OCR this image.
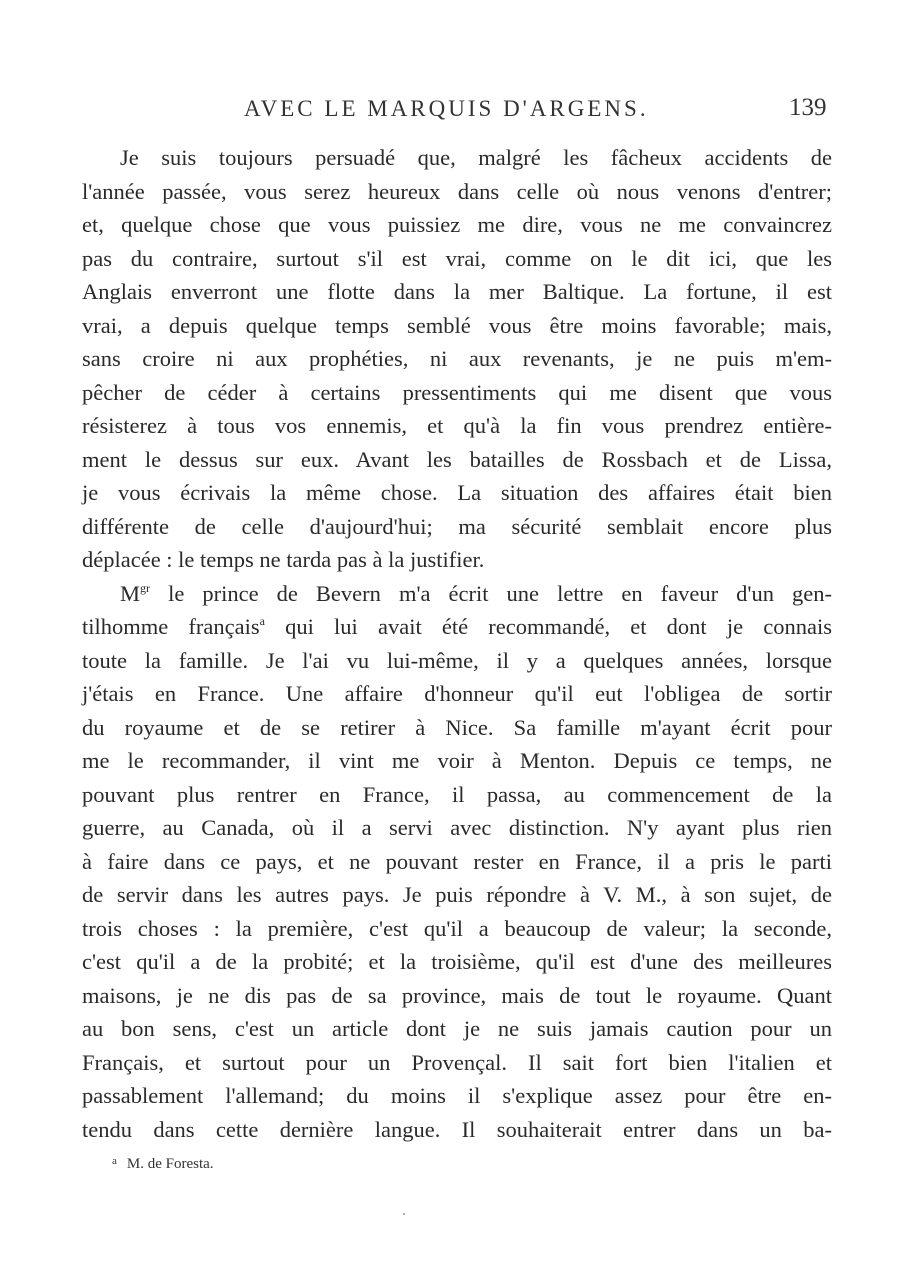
AVEC LE MARQUIS D'ARGENS.	139
Je suis toujours persuadé que, malgré les fâcheux accidents de
l'année passée, vous serez heureux dans celle où nous venons d'entrer;
et, quelque chose que vous puissiez me dire, vous ne me convaincrez
pas du contraire, surtout s'il est vrai, comme on le dit ici, que les
Anglais enverront une flotte dans la mer Baltique. La fortune, il est
vrai, a depuis quelque temps semblé vous être moins favorable; mais,
sans croire ni aux prophéties, ni aux revenants, je ne puis m'em-
pêcher de céder à certains pressentiments qui me disent que vous
résisterez à tous vos ennemis, et qu'à la fin vous prendrez entière-
ment le dessus sur eux. Avant les batailles de Rossbach et de Lissa,
je vous écrivais la même chose. La situation des affaires était bien
différente de celle d'aujourd'hui; ma sécurité semblait encore plus
déplacée : le temps ne tarda pas à la justifier.
$M^{gr}$ le prince de Bevern m'a écrit une lettre en faveur d'un gen-
tilhomme français$^a$ qui lui avait été recommandé, et dont je connais
toute la famille. Je l'ai vu lui-même, il y a quelques années, lorsque
j'étais en France. Une affaire d'honneur qu'il eut l'obligea de sortir
du royaume et de se retirer à Nice. Sa famille m'ayant écrit pour
me le recommander, il vint me voir à Menton. Depuis ce temps, ne
pouvant plus rentrer en France, il passa, au commencement de la
guerre, au Canada, où il a servi avec distinction. N'y ayant plus rien
à faire dans ce pays, et ne pouvant rester en France, il a pris le parti
de servir dans les autres pays. Je puis répondre à V. M., à son sujet, de
trois choses : la première, c'est qu'il a beaucoup de valeur; la seconde,
c'est qu'il a de la probité; et la troisième, qu'il est d'une des meilleures
maisons, je ne dis pas de sa province, mais de tout le royaume. Quant
au bon sens, c'est un article dont je ne suis jamais caution pour un
Français, et surtout pour un Provençal. Il sait fort bien l'italien et
passablement l'allemand; du moins il s'explique assez pour être en-
tendu dans cette dernière langue. Il souhaiterait entrer dans un ba-
$^a$ M. de Foresta.
